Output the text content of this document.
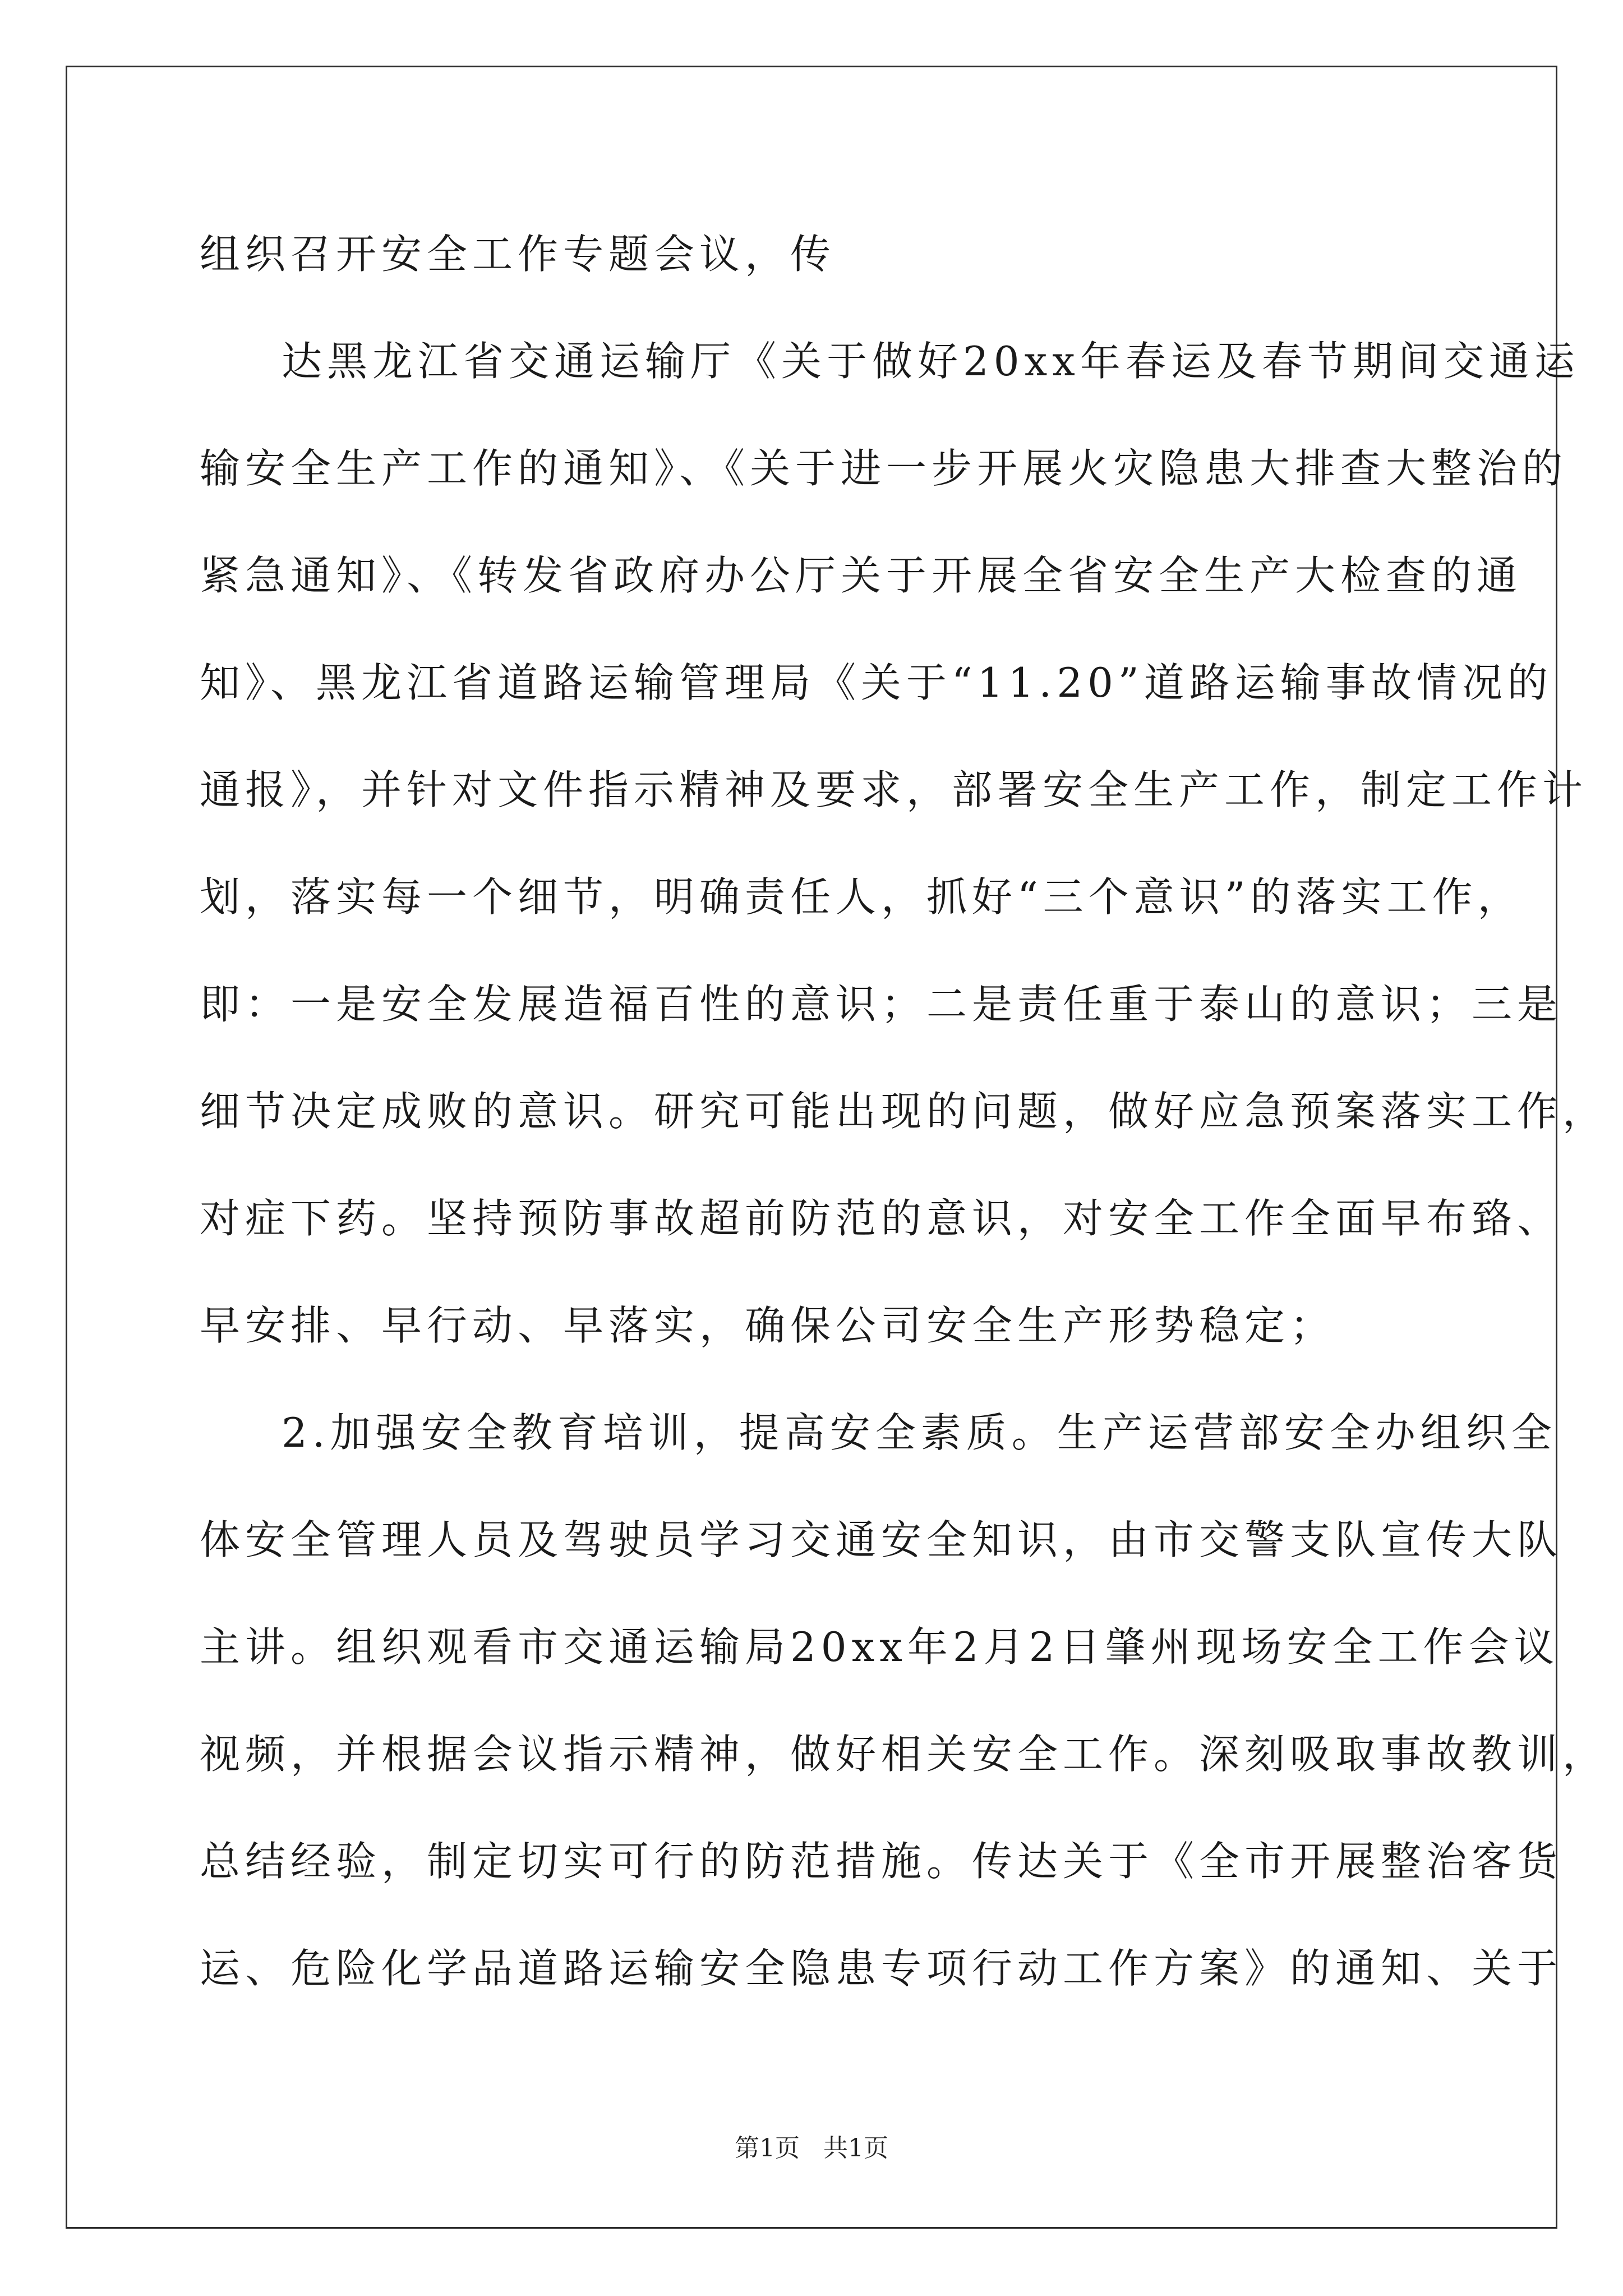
组织召开安全工作专题会议，传
达黑龙江省交通运输厅《关于做好20xx年春运及春节期间交通运
输安全生产工作的通知》、《关于进一步开展火灾隐患大排查大整治的
紧急通知》、《转发省政府办公厅关于开展全省安全生产大检查的通
知》、黑龙江省道路运输管理局《关于“11.20”道路运输事故情况的
通报》，并针对文件指示精神及要求，部署安全生产工作，制定工作计
划，落实每一个细节，明确责任人，抓好“三个意识”的落实工作，
即：一是安全发展造福百性的意识；二是责任重于泰山的意识；三是
细节决定成败的意识。研究可能出现的问题，做好应急预案落实工作，
对症下药。坚持预防事故超前防范的意识，对安全工作全面早布臵、
早安排、早行动、早落实，确保公司安全生产形势稳定；
2.加强安全教育培训，提高安全素质。生产运营部安全办组织全
体安全管理人员及驾驶员学习交通安全知识，由市交警支队宣传大队
主讲。组织观看市交通运输局20xx年2月2日肇州现场安全工作会议
视频，并根据会议指示精神，做好相关安全工作。深刻吸取事故教训，
总结经验，制定切实可行的防范措施。传达关于《全市开展整治客货
运、危险化学品道路运输安全隐患专项行动工作方案》的通知、关于
第1页   共1页
